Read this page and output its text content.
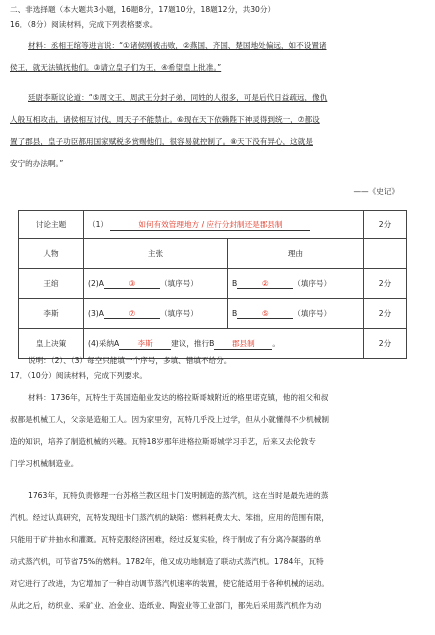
二、非选择题（本大题共3小题，16题8分，17题10分，18题12分，共30分）
16．（8分）阅读材料，完成下列表格要求。
材料：丞相王绾等进言说：“①诸侯刚被击败，②燕国、齐国、楚国地处偏远，如不设置诸
侯王，就无法镇抚他们。③请立皇子们为王，④希望皇上批准。”
廷尉李斯议论道：“⑤周文王、周武王分封子弟，同姓的人很多，可是后代日益疏远，像仇
人般互相攻击，诸侯相互讨伐，周天子不能禁止。⑥现在天下依赖陛下神灵得到统一，⑦都设
置了郡县，皇子功臣都用国家赋税多赏赐他们，很容易就控制了。⑧天下没有异心，这就是
安宁的办法啊。”
——《史记》
讨论主题	（1） 如何有效管理地方 / 应行分封制还是郡县制		2分
人物	主张	理由	
王绾	(2)A ③ （填序号）	B ② （填序号）	2分
李斯	(3)A ⑦ （填序号）	B ⑤ （填序号）	2分
皇上决策	(4)采纳A 李斯 建议，推行B 郡县制 。		2分
说明：（2）、（3）每空只能填一个序号，多填、错填不给分。
17．（10分）阅读材料，完成下列要求。
材料：1736年，瓦特生于英国造船业发达的格拉斯哥城附近的格里诺克镇，他的祖父和叔
叔都是机械工人，父亲是造船工人。因为家里穷，瓦特几乎没上过学，但从小就懂得不少机械制
造的知识，培养了制造机械的兴趣。瓦特18岁那年进格拉斯哥城学习手艺，后来又去伦敦专
门学习机械制造业。
1763年，瓦特负责修理一台苏格兰教区纽卡门发明制造的蒸汽机，这在当时是最先进的蒸
汽机。经过认真研究，瓦特发现纽卡门蒸汽机的缺陷：燃料耗费太大、笨拙，应用的范围有限，
只能用于矿井抽水和灌溉。瓦特克服经济困难，经过反复实验，终于制成了有分离冷凝器的单
动式蒸汽机，可节省75%的燃料。1782年，他又成功地制造了联动式蒸汽机。1784年，瓦特
对它进行了改进，为它增加了一种自动调节蒸汽机速率的装置，使它能适用于各种机械的运动。
从此之后，纺织业、采矿业、冶金业、造纸业、陶瓷业等工业部门，都先后采用蒸汽机作为动
